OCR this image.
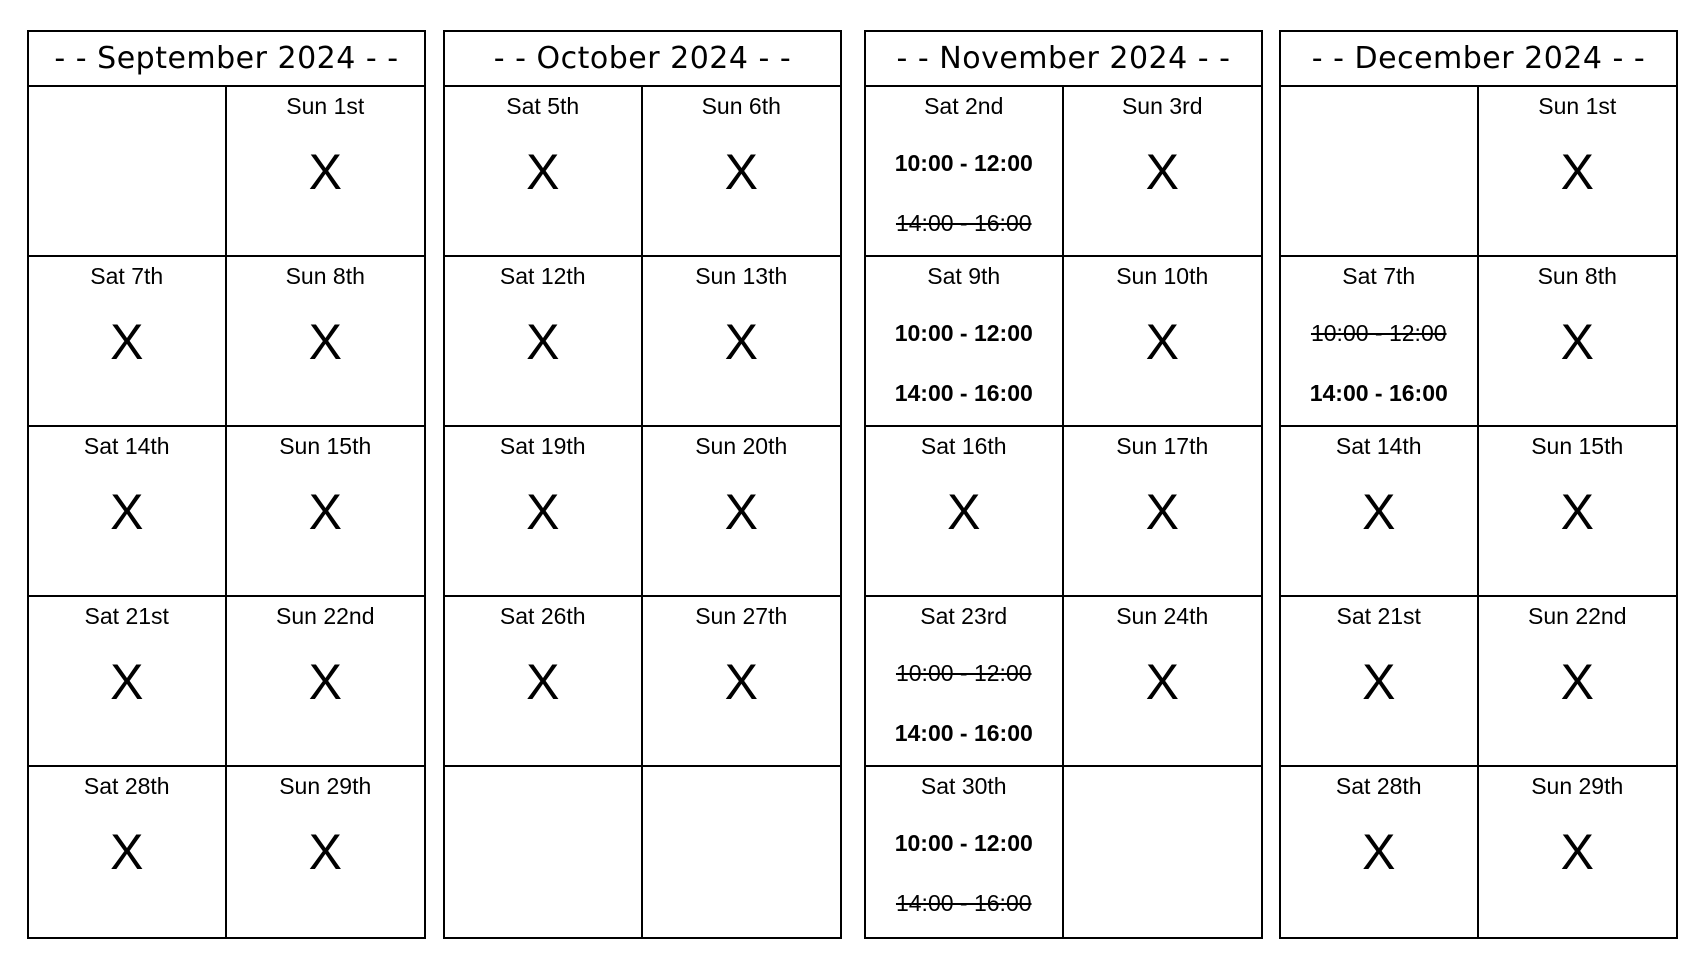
- - September 2024 - -
Sun 1st
X
Sat 7th
X
Sun 8th
X
Sat 14th
X
Sun 15th
X
Sat 21st
X
Sun 22nd
X
Sat 28th
X
Sun 29th
X
- - October 2024 - -
Sat 5th
X
Sun 6th
X
Sat 12th
X
Sun 13th
X
Sat 19th
X
Sun 20th
X
Sat 26th
X
Sun 27th
X
- - November 2024 - -
Sat 2nd
10:00 - 12:00
14:00 - 16:00
Sun 3rd
X
Sat 9th
10:00 - 12:00
14:00 - 16:00
Sun 10th
X
Sat 16th
X
Sun 17th
X
Sat 23rd
10:00 - 12:00
14:00 - 16:00
Sun 24th
X
Sat 30th
10:00 - 12:00
14:00 - 16:00
- - December 2024 - -
Sun 1st
X
Sat 7th
10:00 - 12:00
14:00 - 16:00
Sun 8th
X
Sat 14th
X
Sun 15th
X
Sat 21st
X
Sun 22nd
X
Sat 28th
X
Sun 29th
X
